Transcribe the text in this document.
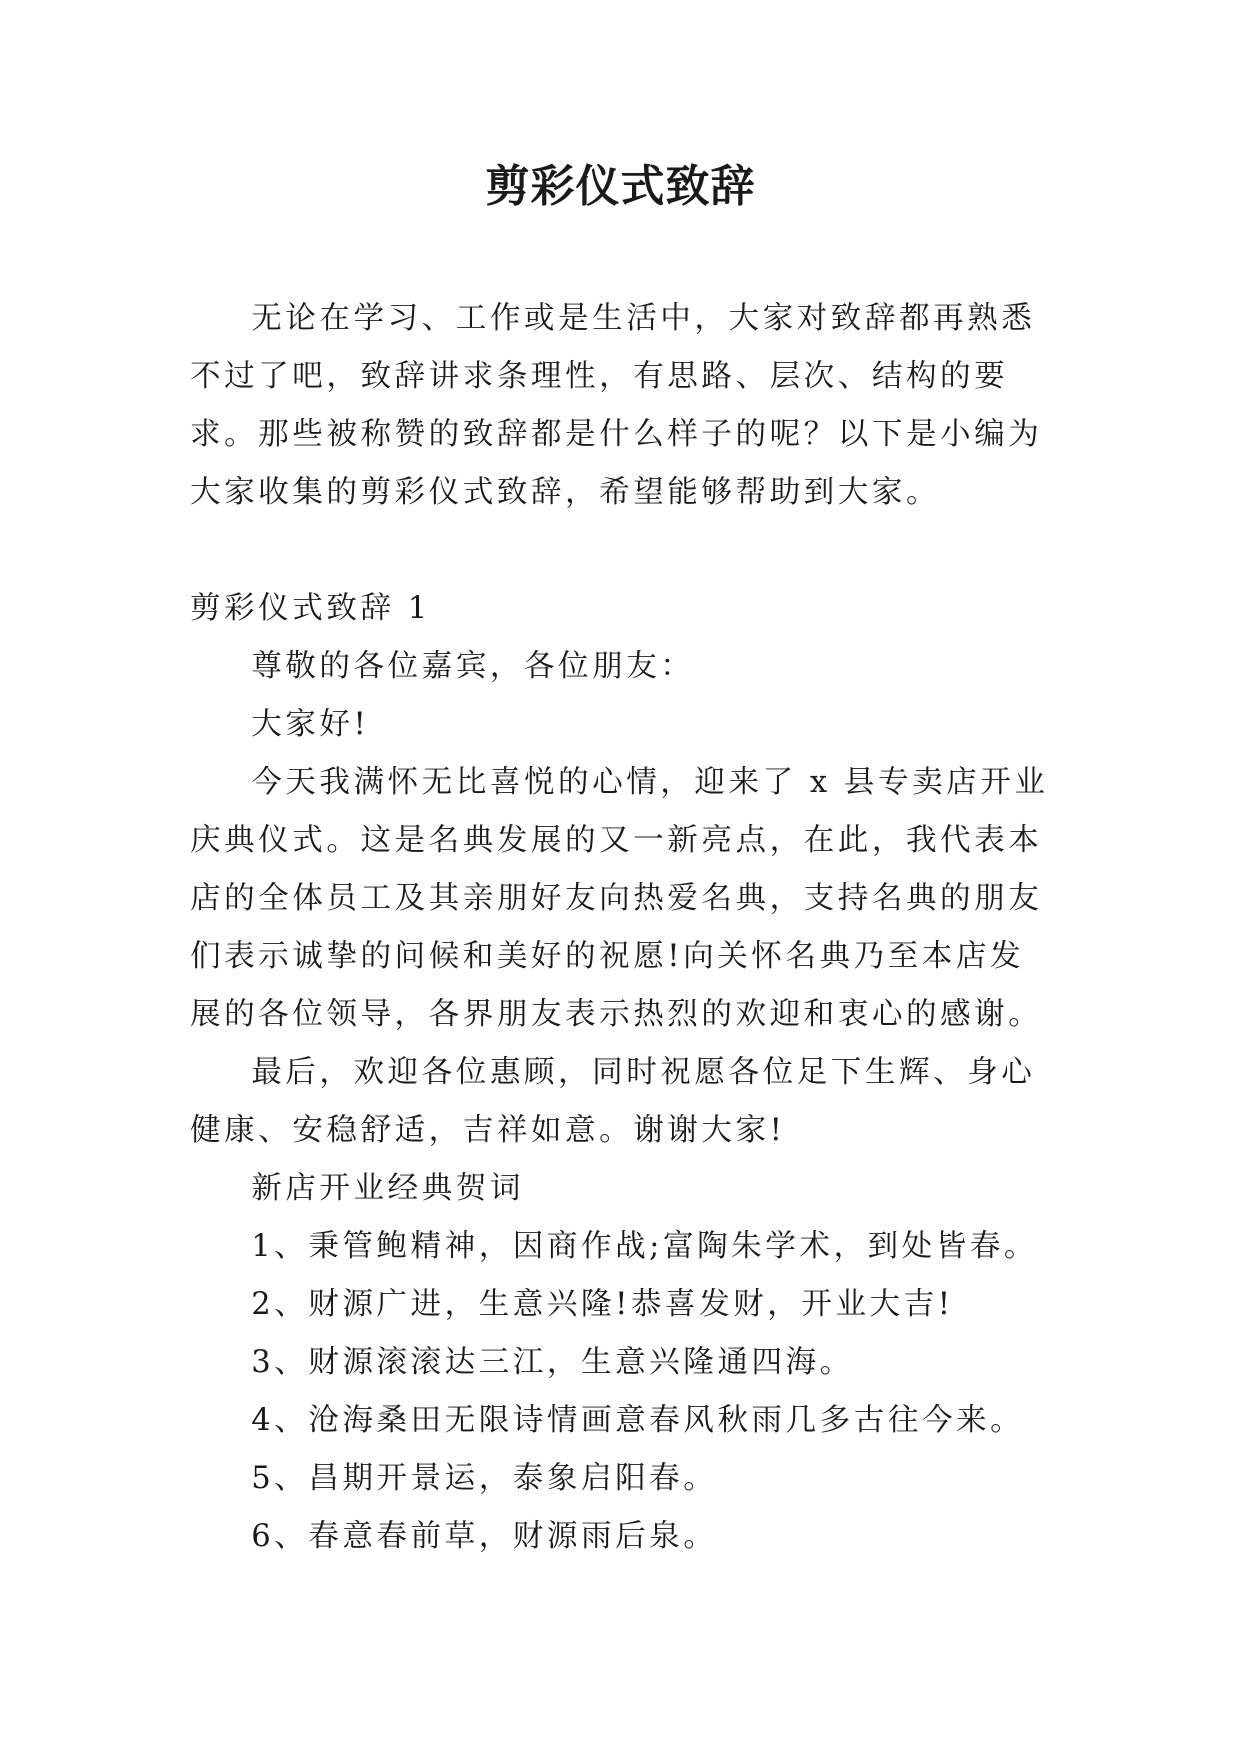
剪彩仪式致辞

无论在学习、工作或是生活中，大家对致辞都再熟悉不过了吧，致辞讲求条理性，有思路、层次、结构的要求。那些被称赞的致辞都是什么样子的呢？以下是小编为大家收集的剪彩仪式致辞，希望能够帮助到大家。

剪彩仪式致辞 1

尊敬的各位嘉宾，各位朋友：

大家好!

今天我满怀无比喜悦的心情，迎来了 x 县专卖店开业庆典仪式。这是名典发展的又一新亮点，在此，我代表本店的全体员工及其亲朋好友向热爱名典，支持名典的朋友们表示诚挚的问候和美好的祝愿!向关怀名典乃至本店发展的各位领导，各界朋友表示热烈的欢迎和衷心的感谢。

最后，欢迎各位惠顾，同时祝愿各位足下生辉、身心健康、安稳舒适，吉祥如意。谢谢大家!

新店开业经典贺词

1、秉管鲍精神，因商作战;富陶朱学术，到处皆春。

2、财源广进，生意兴隆!恭喜发财，开业大吉!

3、财源滚滚达三江，生意兴隆通四海。

4、沧海桑田无限诗情画意春风秋雨几多古往今来。

5、昌期开景运，泰象启阳春。

6、春意春前草，财源雨后泉。
